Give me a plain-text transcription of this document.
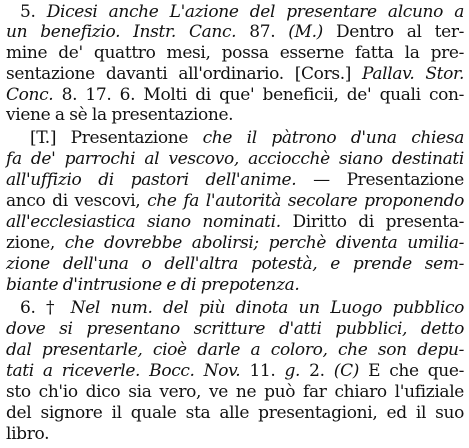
5. Dicesi anche L'azione del presentare alcuno a
un benefizio. Instr. Canc. 87. (M.) Dentro al ter-
mine de' quattro mesi, possa esserne fatta la pre-
sentazione davanti all'ordinario. [Cors.] Pallav. Stor.
Conc. 8. 17. 6. Molti di que' beneficii, de' quali con-
viene a sè la presentazione.
[T.] Presentazione che il pàtrono d'una chiesa
fa de' parrochi al vescovo, acciocchè siano destinati
all'uffizio di pastori dell'anime. — Presentazione
anco di vescovi, che fa l'autorità secolare proponendo
all'ecclesiastica siano nominati. Diritto di presenta-
zione, che dovrebbe abolirsi; perchè diventa umilia-
zione dell'una o dell'altra potestà, e prende sem-
biante d'intrusione e di prepotenza.
6. † Nel num. del più dinota un Luogo pubblico
dove si presentano scritture d'atti pubblici, detto
dal presentarle, cioè darle a coloro, che son depu-
tati a riceverle. Bocc. Nov. 11. g. 2. (C) E che que-
sto ch'io dico sia vero, ve ne può far chiaro l'ufiziale
del signore il quale sta alle presentagioni, ed il suo
libro.
